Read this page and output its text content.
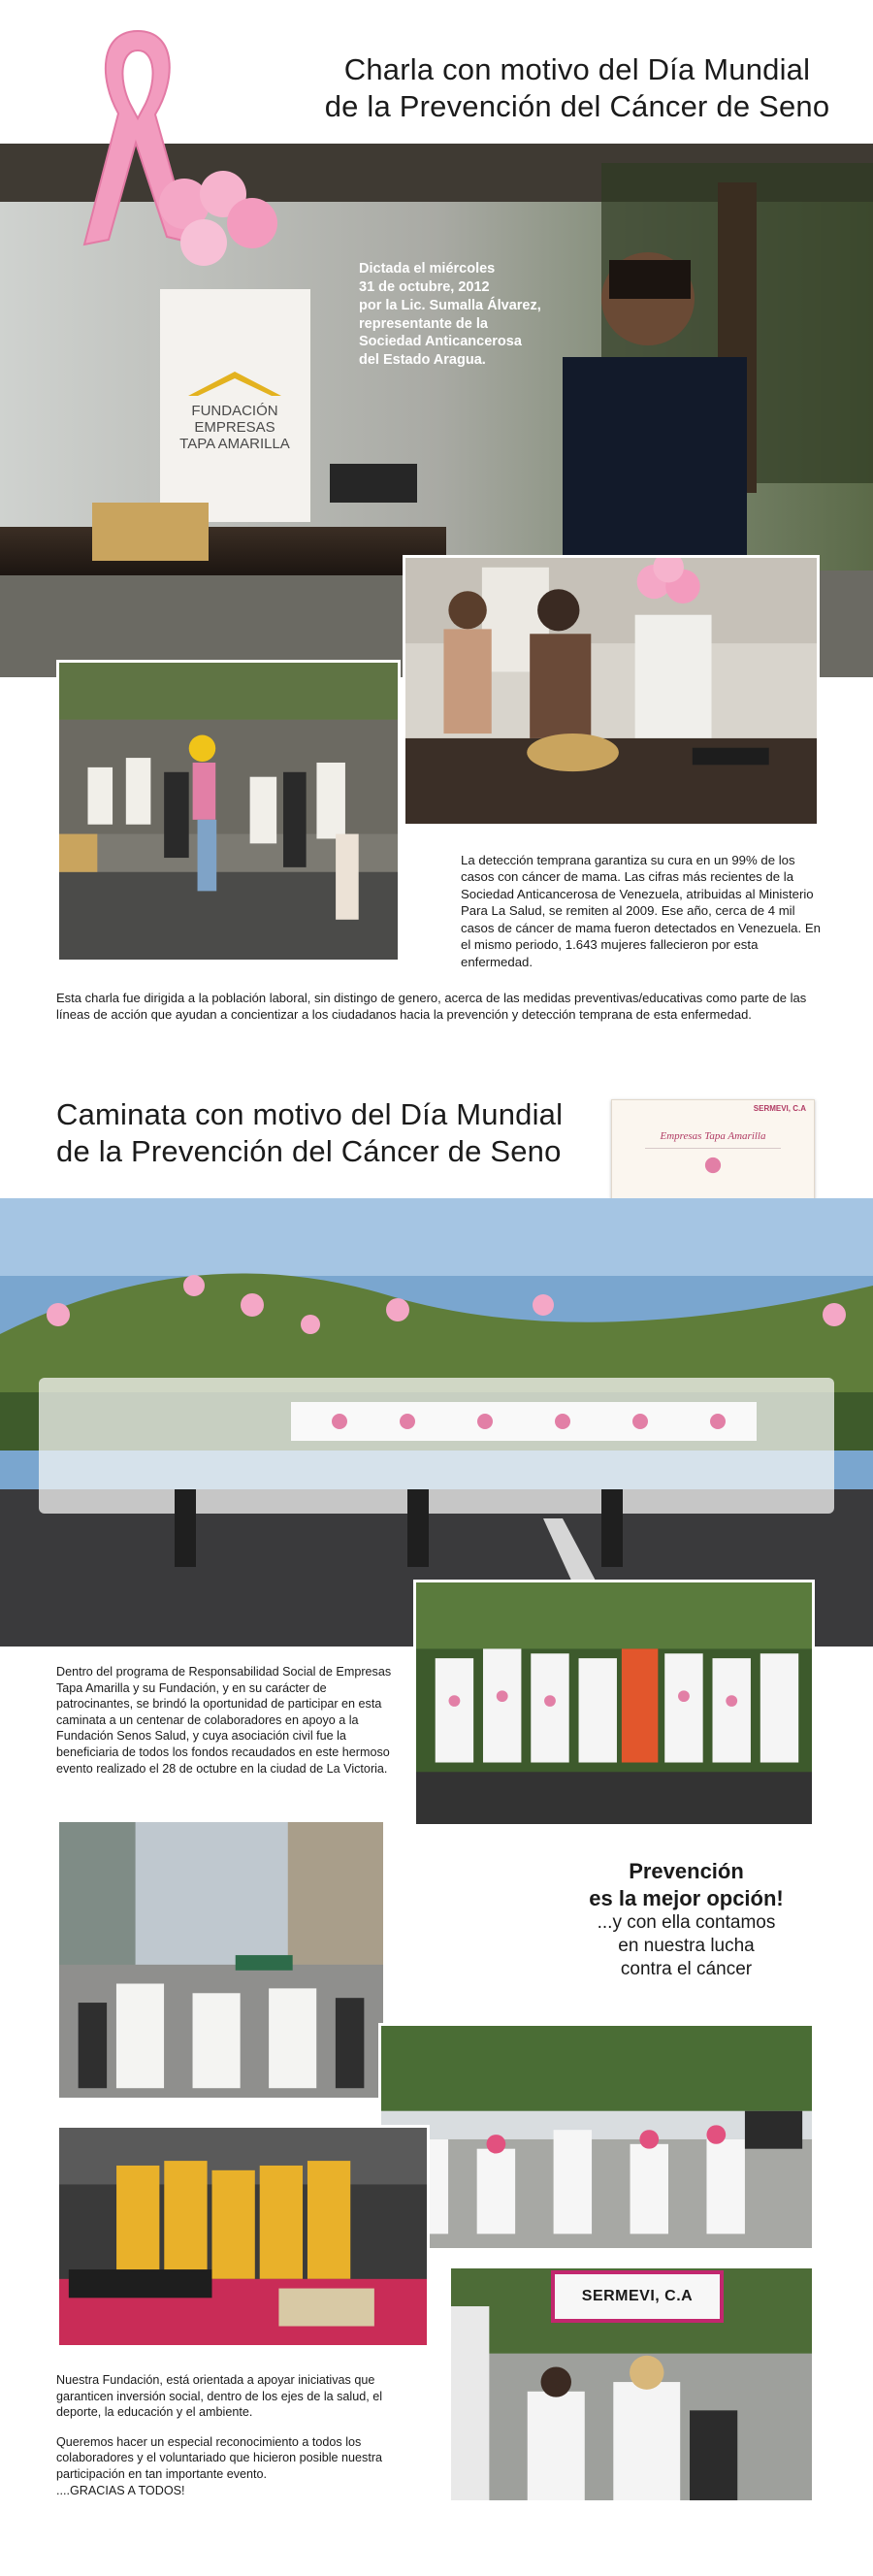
Charla con motivo del Día Mundial
de la Prevención del Cáncer de Seno
FUNDACIÓN
EMPRESAS
TAPA AMARILLA
Dictada el miércoles
31 de octubre, 2012
por la Lic. Sumalla Álvarez,
representante de la
Sociedad Anticancerosa
del Estado Aragua.
La detección temprana garantiza su cura en un 99% de los casos con cáncer de mama. Las cifras más recientes de la Sociedad Anticancerosa de Venezuela, atribuidas al Ministerio Para La Salud, se remiten al 2009. Ese año, cerca de 4 mil casos de cáncer de mama fueron detectados en Venezuela. En el mismo periodo, 1.643 mujeres fallecieron por esta enfermedad.
Esta charla fue dirigida a la población laboral, sin distingo de genero, acerca de las medidas preventivas/educativas como parte de las líneas de acción que ayudan a concientizar a los ciudadanos hacia la prevención y detección temprana de esta enfermedad.
Caminata con motivo del Día Mundial
de la Prevención del Cáncer de Seno
SERMEVI, C.A
Empresas Tapa Amarilla
Dentro del programa de Responsabilidad Social de Empresas Tapa Amarilla y su Fundación, y en su carácter de patrocinantes, se brindó la oportunidad de participar en esta caminata a un centenar de colaboradores en apoyo a la Fundación Senos Salud, y cuya asociación civil fue la beneficiaria de todos los fondos recaudados en este hermoso evento realizado el 28 de octubre en la ciudad de La Victoria.
Prevención
es la mejor opción!
...y con ella contamos
en nuestra lucha
contra el cáncer
SERMEVI, C.A
Nuestra Fundación, está orientada a apoyar iniciativas que garanticen inversión social, dentro de los ejes de la salud, el deporte, la educación y el ambiente.
Queremos hacer un especial reconocimiento a todos los colaboradores y el voluntariado que hicieron posible nuestra participación en tan importante evento.
....GRACIAS A TODOS!
